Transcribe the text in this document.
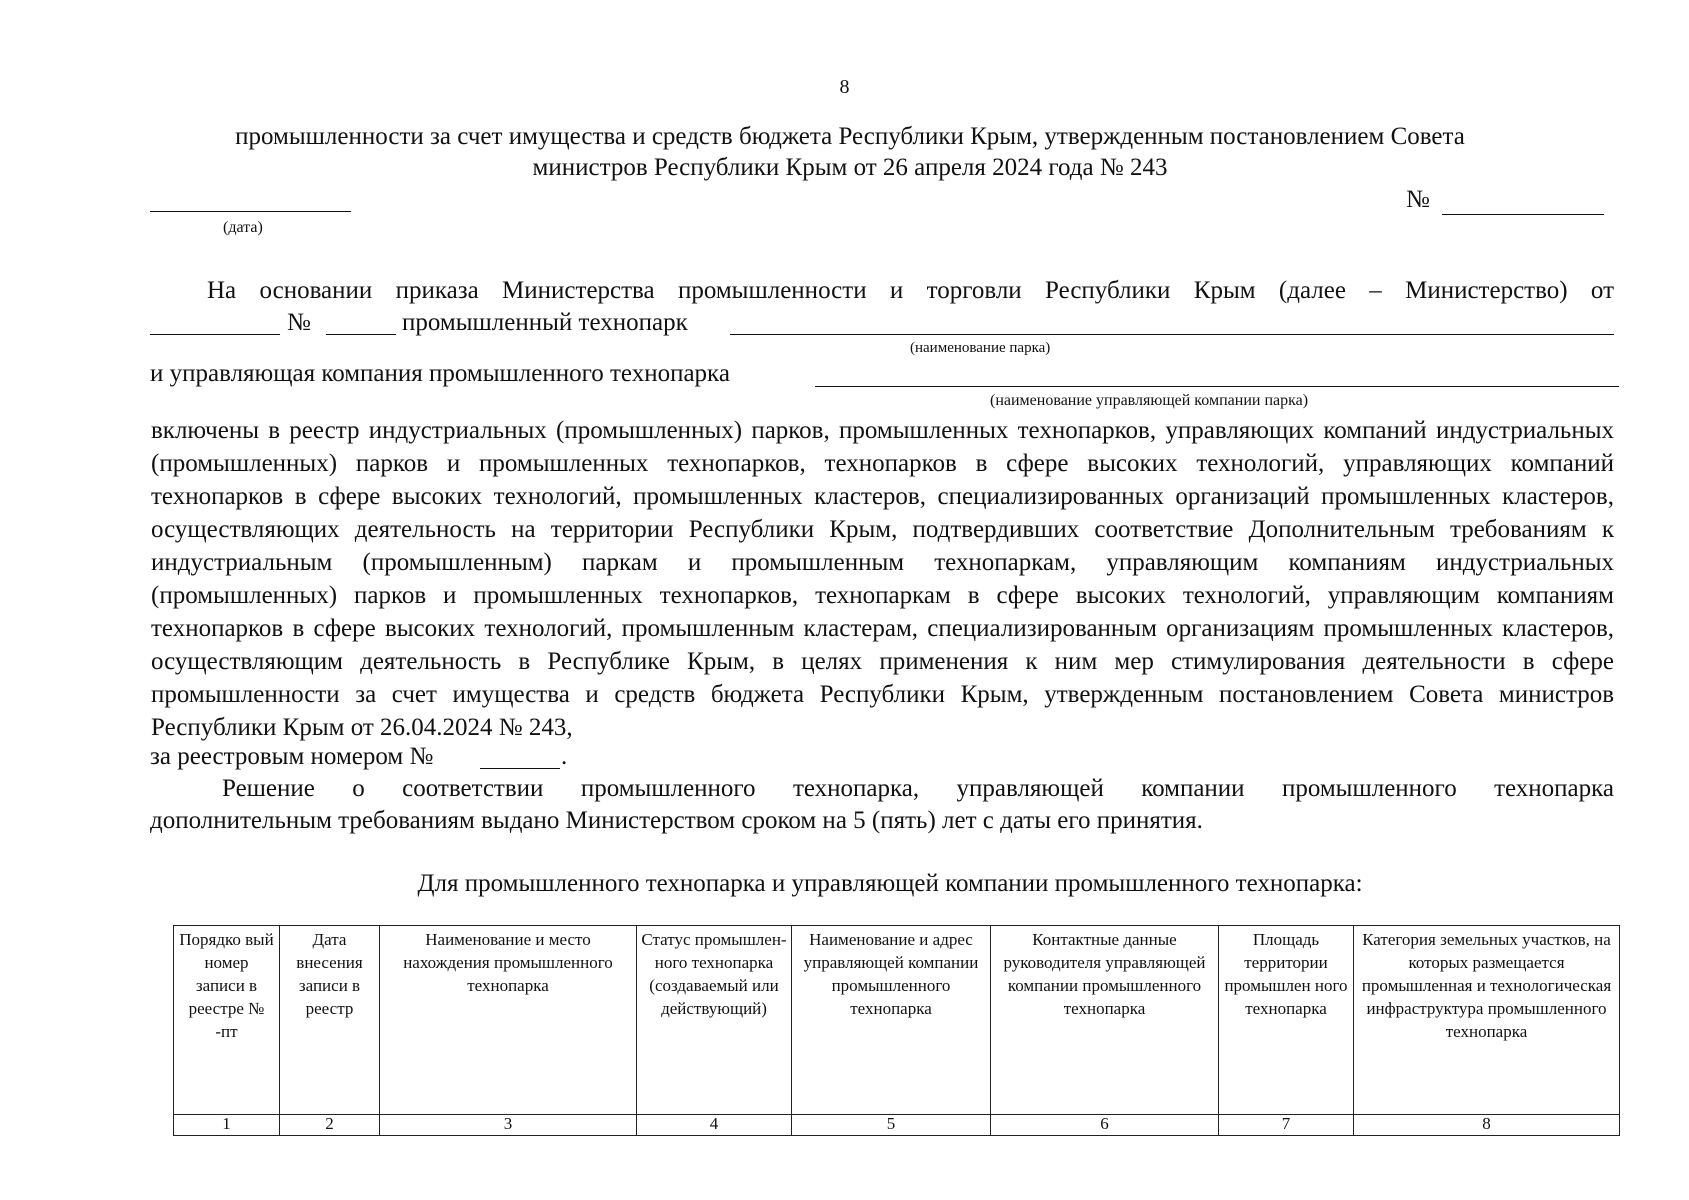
8
промышленности за счет имущества и средств бюджета Республики Крым, утвержденным постановлением Совета
министров Республики Крым от 26 апреля 2024 года № 243
(дата)
№
На основании приказа Министерства промышленности и торговли Республики Крым (далее – Министерство) от
№	промышленный технопарк
(наименование парка)
и управляющая компания промышленного технопарка
(наименование управляющей компании парка)

включены в реестр индустриальных (промышленных) парков, промышленных технопарков, управляющих компаний индустриальных (промышленных) парков и промышленных технопарков, технопарков в сфере высоких технологий, управляющих компаний технопарков в сфере высоких технологий, промышленных кластеров, специализированных организаций промышленных кластеров, осуществляющих деятельность на территории Республики Крым, подтвердивших соответствие Дополнительным требованиям к индустриальным (промышленным) паркам и промышленным технопаркам, управляющим компаниям индустриальных (промышленных) парков и промышленных технопарков, технопаркам в сфере высоких технологий, управляющим компаниям технопарков в сфере высоких технологий, промышленным кластерам, специализированным организациям промышленных кластеров, осуществляющим деятельность в Республике Крым, в целях применения к ним мер стимулирования деятельности в сфере промышленности за счет имущества и средств бюджета Республики Крым, утвержденным постановлением Совета министров Республики Крым от 26.04.2024 № 243,

за реестровым номером №	.
Решение о соответствии промышленного технопарка, управляющей компании промышленного технопарка
дополнительным требованиям выдано Министерством сроком на 5 (пять) лет с даты его принятия.
Для промышленного технопарка и управляющей компании промышленного технопарка:
Порядко вый номер записи в реестре № -пт	Дата внесения записи в реестр	Наименование и место нахождения промышленного технопарка	Статус промышлен-ного технопарка (создаваемый или действующий)	Наименование и адрес управляющей компании промышленного технопарка	Контактные данные руководителя управляющей компании промышленного технопарка	Площадь территории промышлен ного технопарка	Категория земельных участков, на которых размещается промышленная и технологическая инфраструктура промышленного технопарка
1	2	3	4	5	6	7	8
